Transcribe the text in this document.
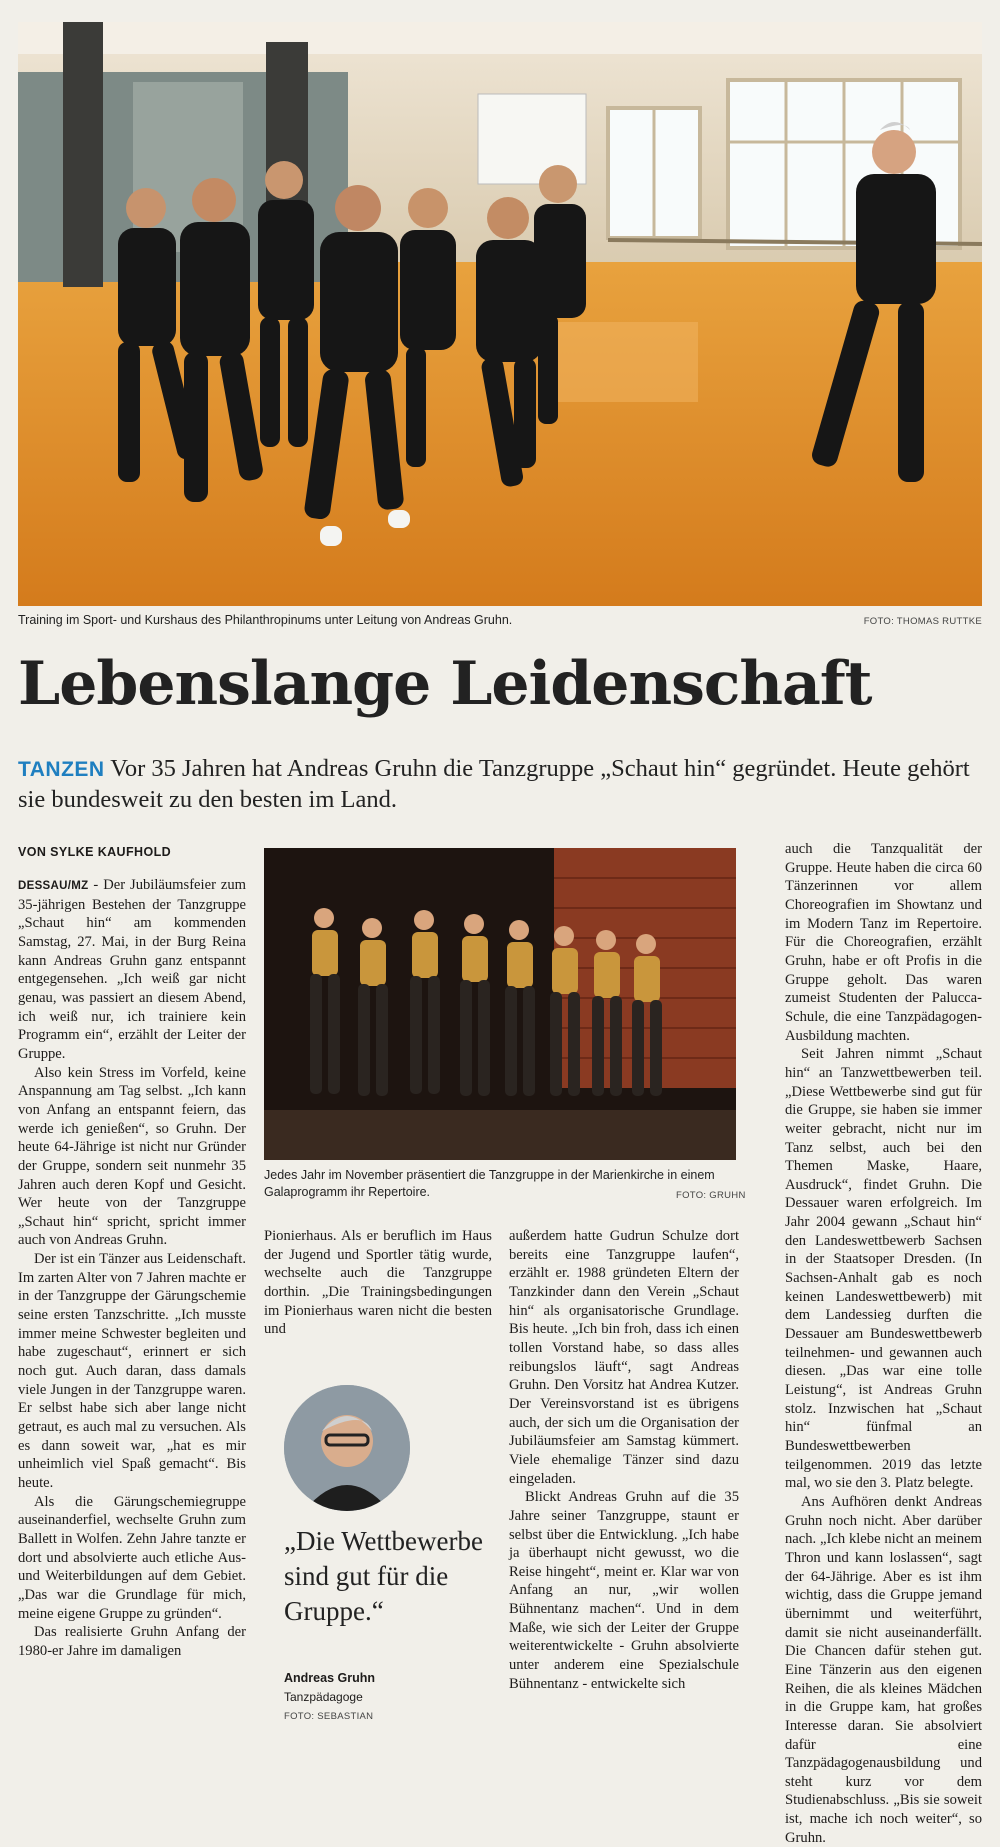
Training im Sport- und Kurshaus des Philanthropinums unter Leitung von Andreas Gruhn.	FOTO: THOMAS RUTTKE
Lebenslange Leidenschaft
TANZEN Vor 35 Jahren hat Andreas Gruhn die Tanzgruppe „Schaut hin“ gegründet. Heute gehört sie bundesweit zu den besten im Land.
VON SYLKE KAUFHOLD

DESSAU/MZ - Der Jubiläumsfeier zum 35-jährigen Bestehen der Tanzgruppe „Schaut hin“ am kommenden Samstag, 27. Mai, in der Burg Reina kann Andreas Gruhn ganz entspannt entgegensehen. „Ich weiß gar nicht genau, was passiert an diesem Abend, ich weiß nur, ich trainiere kein Programm ein“, erzählt der Leiter der Gruppe.

Also kein Stress im Vorfeld, keine Anspannung am Tag selbst. „Ich kann von Anfang an entspannt feiern, das werde ich genießen“, so Gruhn. Der heute 64-Jährige ist nicht nur Gründer der Gruppe, sondern seit nunmehr 35 Jahren auch deren Kopf und Gesicht. Wer heute von der Tanzgruppe „Schaut hin“ spricht, spricht immer auch von Andreas Gruhn.

Der ist ein Tänzer aus Leidenschaft. Im zarten Alter von 7 Jahren machte er in der Tanzgruppe der Gärungschemie seine ersten Tanzschritte. „Ich musste immer meine Schwester begleiten und habe zugeschaut“, erinnert er sich noch gut. Auch daran, dass damals viele Jungen in der Tanzgruppe waren. Er selbst habe sich aber lange nicht getraut, es auch mal zu versuchen. Als es dann soweit war, „hat es mir unheimlich viel Spaß gemacht“. Bis heute.

Als die Gärungschemiegruppe auseinanderfiel, wechselte Gruhn zum Ballett in Wolfen. Zehn Jahre tanzte er dort und absolvierte auch etliche Aus- und Weiterbildungen auf dem Gebiet. „Das war die Grundlage für mich, meine eigene Gruppe zu gründen“.

Das realisierte Gruhn Anfang der 1980-er Jahre im damaligen

Jedes Jahr im November präsentiert die Tanzgruppe in der Marienkirche in einem Galaprogramm ihr Repertoire.	FOTO: GRUHN

Pionierhaus. Als er beruflich im Haus der Jugend und Sportler tätig wurde, wechselte auch die Tanzgruppe dorthin. „Die Trainingsbedingungen im Pionierhaus waren nicht die besten und

„Die Wettbewerbe sind gut für die Gruppe.“
Andreas Gruhn
Tanzpädagoge
FOTO: SEBASTIAN

außerdem hatte Gudrun Schulze dort bereits eine Tanzgruppe laufen“, erzählt er. 1988 gründeten Eltern der Tanzkinder dann den Verein „Schaut hin“ als organisatorische Grundlage. Bis heute. „Ich bin froh, dass ich einen tollen Vorstand habe, so dass alles reibungslos läuft“, sagt Andreas Gruhn. Den Vorsitz hat Andrea Kutzer. Der Vereinsvorstand ist es übrigens auch, der sich um die Organisation der Jubiläumsfeier am Samstag kümmert. Viele ehemalige Tänzer sind dazu eingeladen.

Blickt Andreas Gruhn auf die 35 Jahre seiner Tanzgruppe, staunt er selbst über die Entwicklung. „Ich habe ja überhaupt nicht gewusst, wo die Reise hingeht“, meint er. Klar war von Anfang an nur, „wir wollen Bühnentanz machen“. Und in dem Maße, wie sich der Leiter der Gruppe weiterentwickelte - Gruhn absolvierte unter anderem eine Spezialschule Bühnentanz - entwickelte sich

auch die Tanzqualität der Gruppe. Heute haben die circa 60 Tänzerinnen vor allem Choreografien im Showtanz und im Modern Tanz im Repertoire. Für die Choreografien, erzählt Gruhn, habe er oft Profis in die Gruppe geholt. Das waren zumeist Studenten der Palucca-Schule, die eine Tanzpädagogen-Ausbildung machten.

Seit Jahren nimmt „Schaut hin“ an Tanzwettbewerben teil. „Diese Wettbewerbe sind gut für die Gruppe, sie haben sie immer weiter gebracht, nicht nur im Tanz selbst, auch bei den Themen Maske, Haare, Ausdruck“, findet Gruhn. Die Dessauer waren erfolgreich. Im Jahr 2004 gewann „Schaut hin“ den Landeswettbewerb Sachsen in der Staatsoper Dresden. (In Sachsen-Anhalt gab es noch keinen Landeswettbewerb) mit dem Landessieg durften die Dessauer am Bundeswettbewerb teilnehmen- und gewannen auch diesen. „Das war eine tolle Leistung“, ist Andreas Gruhn stolz. Inzwischen hat „Schaut hin“ fünfmal an Bundeswettbewerben teilgenommen. 2019 das letzte mal, wo sie den 3. Platz belegte.

Ans Aufhören denkt Andreas Gruhn noch nicht. Aber darüber nach. „Ich klebe nicht an meinem Thron und kann loslassen“, sagt der 64-Jährige. Aber es ist ihm wichtig, dass die Gruppe jemand übernimmt und weiterführt, damit sie nicht auseinanderfällt. Die Chancen dafür stehen gut. Eine Tänzerin aus den eigenen Reihen, die als kleines Mädchen in die Gruppe kam, hat großes Interesse daran. Sie absolviert dafür eine Tanzpädagogenausbildung und steht kurz vor dem Studienabschluss. „Bis sie soweit ist, mache ich noch weiter“, so Gruhn.
